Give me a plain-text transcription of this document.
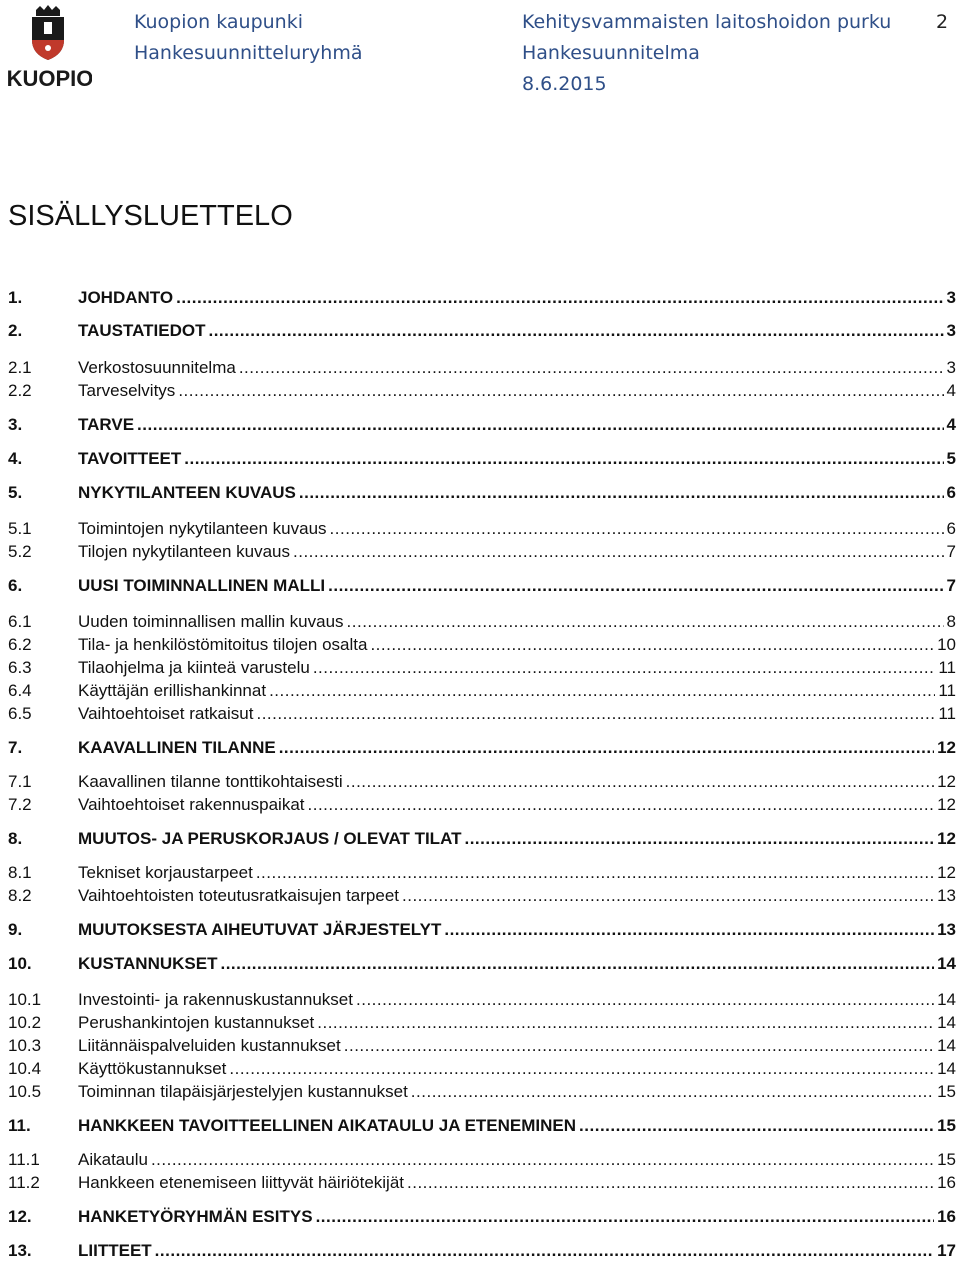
KUOPIO
Kuopion kaupunki
Hankesuunnitteluryhmä
Kehitysvammaisten laitoshoidon purku
Hankesuunnitelma
8.6.2015
2
SISÄLLYSLUETTELO
1.	JOHDANTO .....	3
2.	TAUSTATIEDOT .....	3
2.1	Verkostosuunnitelma .....	3
2.2	Tarveselvitys .....	4
3.	TARVE .....	4
4.	TAVOITTEET .....	5
5.	NYKYTILANTEEN KUVAUS .....	6
5.1	Toimintojen nykytilanteen kuvaus .....	6
5.2	Tilojen nykytilanteen kuvaus .....	7
6.	UUSI TOIMINNALLINEN MALLI .....	7
6.1	Uuden toiminnallisen mallin kuvaus .....	8
6.2	Tila- ja henkilöstömitoitus tilojen osalta .....	10
6.3	Tilaohjelma ja kiinteä varustelu .....	11
6.4	Käyttäjän erillishankinnat .....	11
6.5	Vaihtoehtoiset ratkaisut .....	11
7.	KAAVALLINEN TILANNE .....	12
7.1	Kaavallinen tilanne tonttikohtaisesti .....	12
7.2	Vaihtoehtoiset rakennuspaikat .....	12
8.	MUUTOS- JA PERUSKORJAUS / OLEVAT TILAT .....	12
8.1	Tekniset korjaustarpeet .....	12
8.2	Vaihtoehtoisten toteutusratkaisujen tarpeet .....	13
9.	MUUTOKSESTA AIHEUTUVAT JÄRJESTELYT .....	13
10.	KUSTANNUKSET .....	14
10.1 Investointi- ja rakennuskustannukset .....	14
10.2 Perushankintojen kustannukset .....	14
10.3 Liitännäispalveluiden kustannukset .....	14
10.4 Käyttökustannukset .....	14
10.5 Toiminnan tilapäisjärjestelyjen kustannukset .....	15
11.	HANKKEEN TAVOITTEELLINEN AIKATAULU JA ETENEMINEN .....	15
11.1 Aikataulu .....	15
11.2 Hankkeen etenemiseen liittyvät häiriötekijät .....	16
12.	HANKETYÖRYHMÄN ESITYS .....	16
13.	LIITTEET .....	17
